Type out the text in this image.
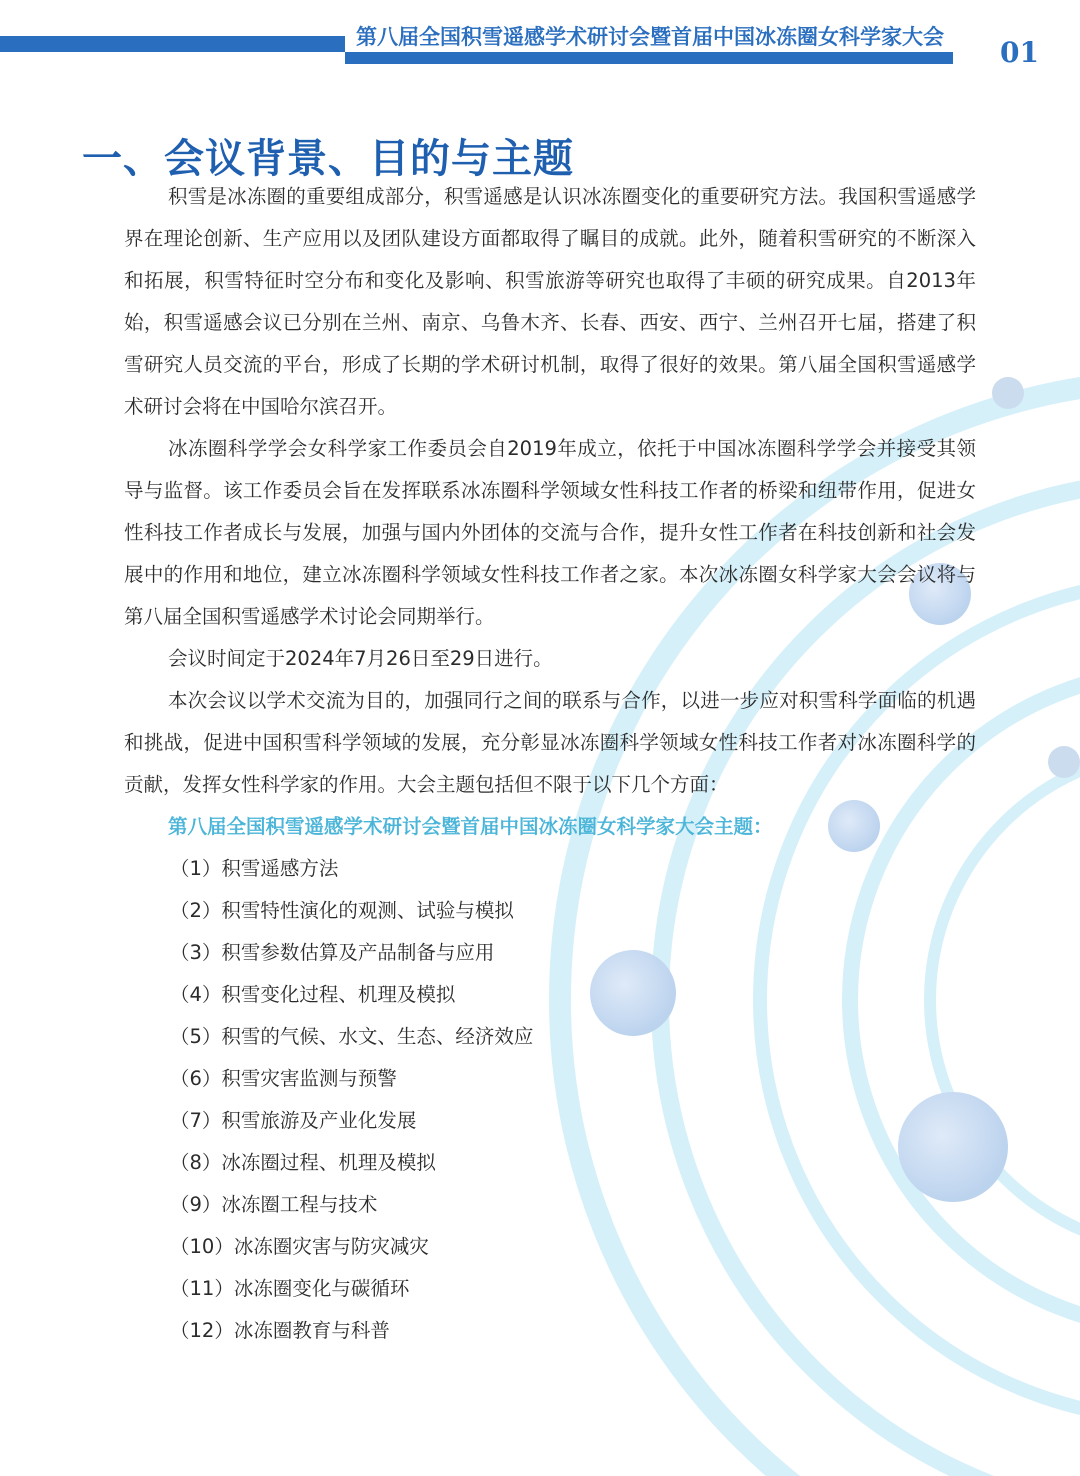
第八届全国积雪遥感学术研讨会暨首届中国冰冻圈女科学家大会	01
一、会议背景、目的与主题

积雪是冰冻圈的重要组成部分，积雪遥感是认识冰冻圈变化的重要研究方法。我国积雪遥感学界在理论创新、生产应用以及团队建设方面都取得了瞩目的成就。此外，随着积雪研究的不断深入和拓展，积雪特征时空分布和变化及影响、积雪旅游等研究也取得了丰硕的研究成果。自2013年始，积雪遥感会议已分别在兰州、南京、乌鲁木齐、长春、西安、西宁、兰州召开七届，搭建了积雪研究人员交流的平台，形成了长期的学术研讨机制，取得了很好的效果。第八届全国积雪遥感学术研讨会将在中国哈尔滨召开。

冰冻圈科学学会女科学家工作委员会自2019年成立，依托于中国冰冻圈科学学会并接受其领导与监督。该工作委员会旨在发挥联系冰冻圈科学领域女性科技工作者的桥梁和纽带作用，促进女性科技工作者成长与发展，加强与国内外团体的交流与合作，提升女性工作者在科技创新和社会发展中的作用和地位，建立冰冻圈科学领域女性科技工作者之家。本次冰冻圈女科学家大会会议将与第八届全国积雪遥感学术讨论会同期举行。

会议时间定于2024年7月26日至29日进行。

本次会议以学术交流为目的，加强同行之间的联系与合作，以进一步应对积雪科学面临的机遇和挑战，促进中国积雪科学领域的发展，充分彰显冰冻圈科学领域女性科技工作者对冰冻圈科学的贡献，发挥女性科学家的作用。大会主题包括但不限于以下几个方面：

第八届全国积雪遥感学术研讨会暨首届中国冰冻圈女科学家大会主题：

（1）积雪遥感方法
（2）积雪特性演化的观测、试验与模拟
（3）积雪参数估算及产品制备与应用
（4）积雪变化过程、机理及模拟
（5）积雪的气候、水文、生态、经济效应
（6）积雪灾害监测与预警
（7）积雪旅游及产业化发展
（8）冰冻圈过程、机理及模拟
（9）冰冻圈工程与技术
（10）冰冻圈灾害与防灾减灾
（11）冰冻圈变化与碳循环
（12）冰冻圈教育与科普
